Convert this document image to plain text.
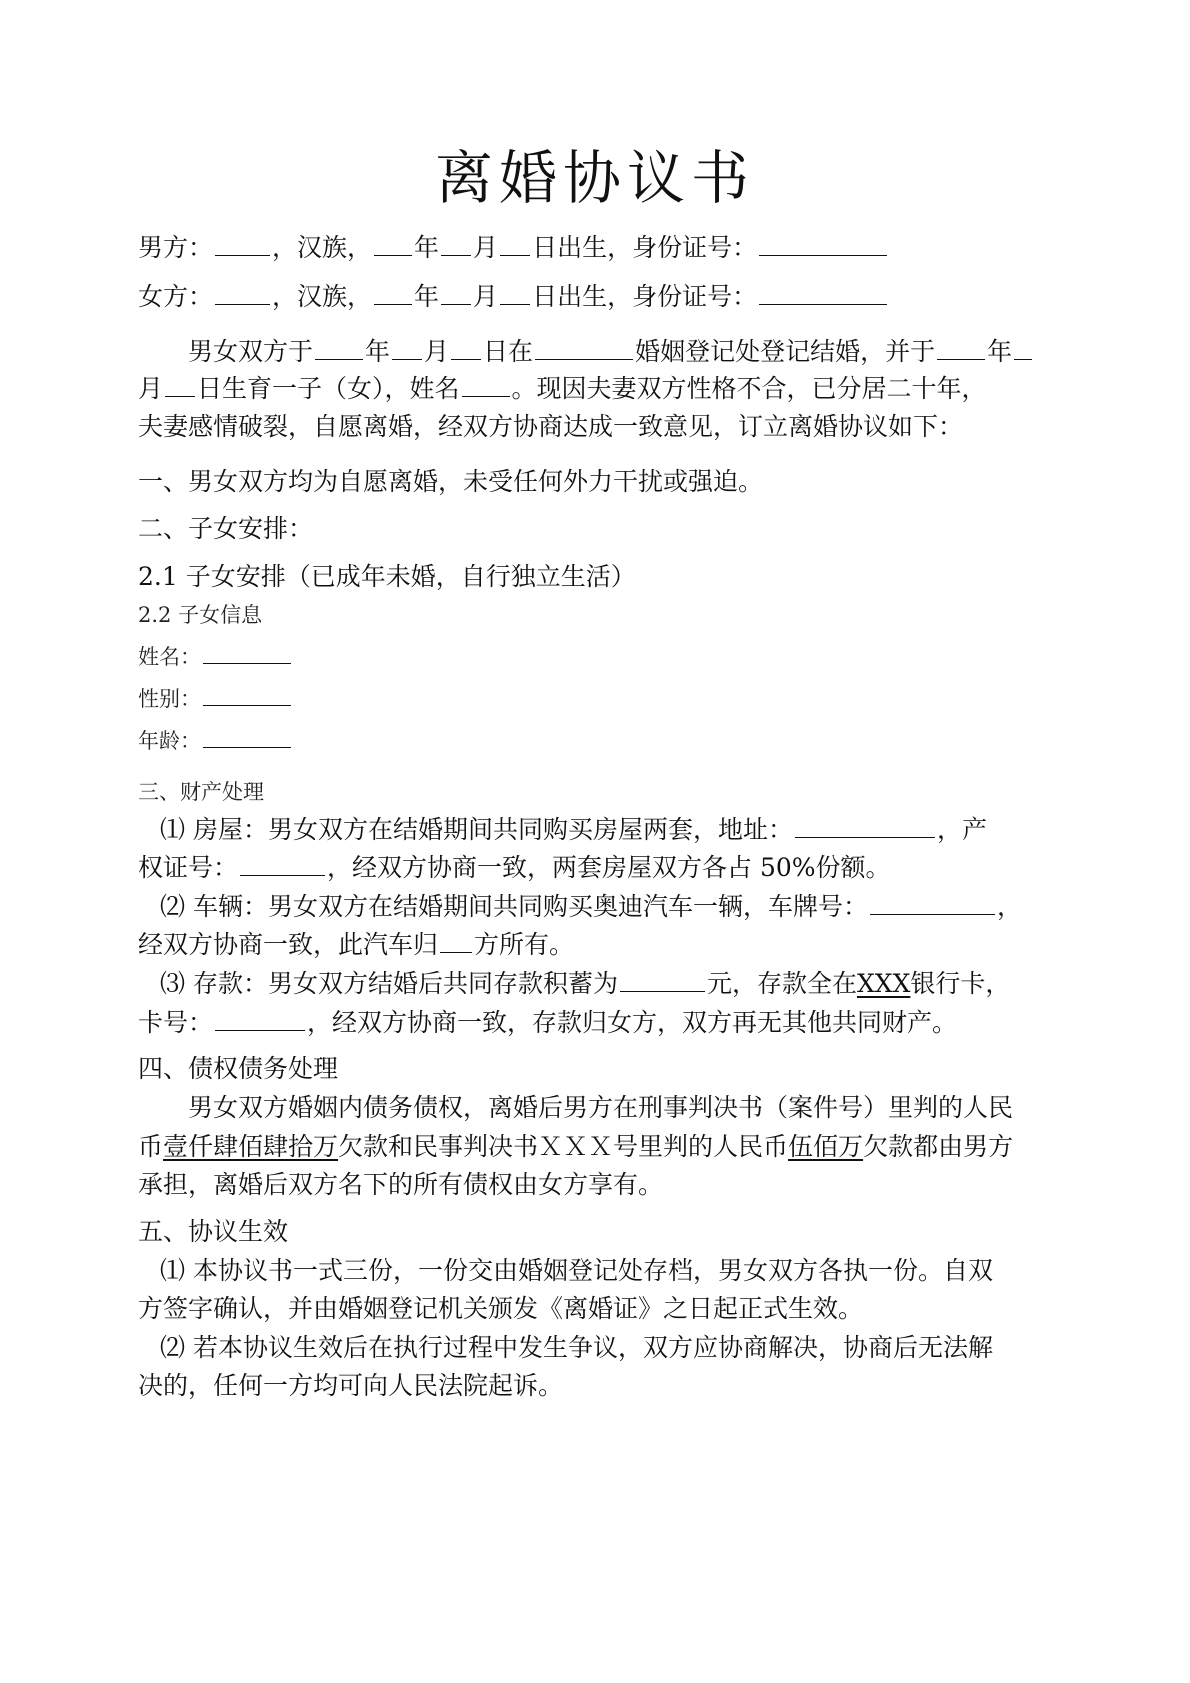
离婚协议书
男方： ，汉族， 年 月 日出生，身份证号：
女方： ，汉族， 年 月 日出生，身份证号：
男女双方于 年 月 日在	婚姻登记处登记结婚，并于 年
月 日生育一子（女），姓名 。现因夫妻双方性格不合，已分居二十年，
夫妻感情破裂，自愿离婚，经双方协商达成一致意见，订立离婚协议如下：
一、男女双方均为自愿离婚，未受任何外力干扰或强迫。
二、子女安排：
2.1 子女安排（已成年未婚，自行独立生活）
2.2 子女信息
姓名：
性别：
年龄：
三、财产处理
⑴ 房屋：男女双方在结婚期间共同购买房屋两套，地址：	，产
权证号：	，经双方协商一致，两套房屋双方各占 50%份额。
⑵ 车辆：男女双方在结婚期间共同购买奥迪汽车一辆，车牌号：	，
经双方协商一致，此汽车归 方所有。
⑶ 存款：男女双方结婚后共同存款积蓄为	元，存款全在XXX银行卡，
卡号：	，经双方协商一致，存款归女方，双方再无其他共同财产。
四、债权债务处理
男女双方婚姻内债务债权，离婚后男方在刑事判决书（案件号）里判的人民
币壹仟肆佰肆拾万欠款和民事判决书ＸＸＸ号里判的人民币伍佰万欠款都由男方
承担，离婚后双方名下的所有债权由女方享有。
五、协议生效
⑴ 本协议书一式三份，一份交由婚姻登记处存档，男女双方各执一份。自双
方签字确认，并由婚姻登记机关颁发《离婚证》之日起正式生效。
⑵ 若本协议生效后在执行过程中发生争议，双方应协商解决，协商后无法解
决的，任何一方均可向人民法院起诉。
